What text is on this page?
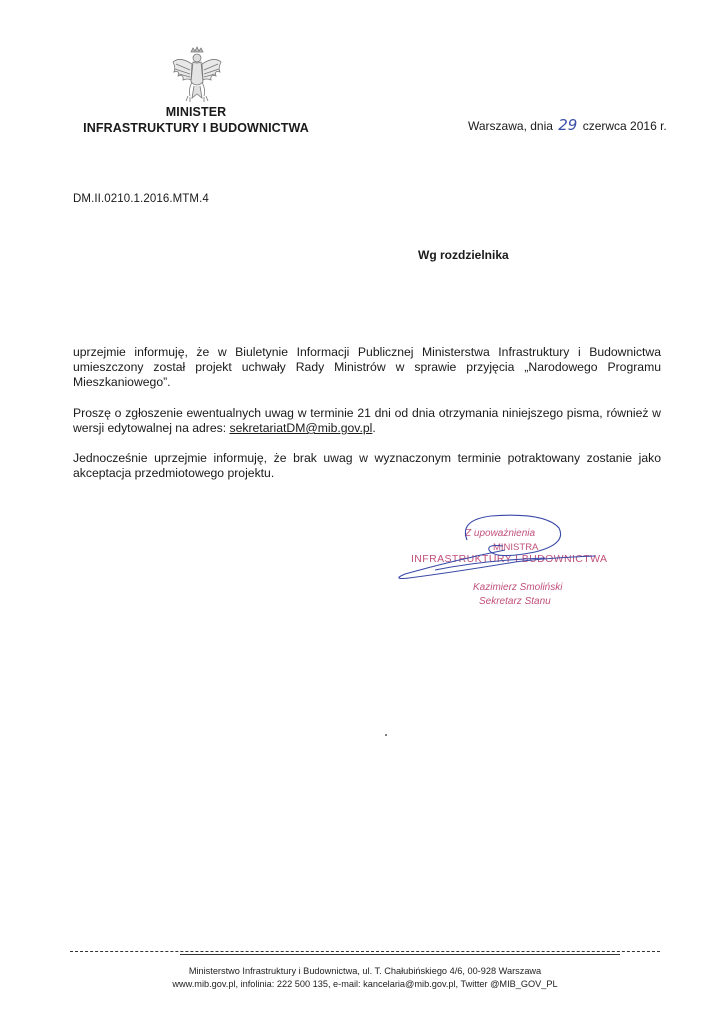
MINISTER
INFRASTRUKTURY I BUDOWNICTWA	Warszawa, dnia 29 czerwca 2016 r.
DM.II.0210.1.2016.MTM.4
Wg rozdzielnika

uprzejmie informuję, że w Biuletynie Informacji Publicznej Ministerstwa Infrastruktury i Budownictwa umieszczony został projekt uchwały Rady Ministrów w sprawie przyjęcia „Narodowego Programu Mieszkaniowego”.

Proszę o zgłoszenie ewentualnych uwag w terminie 21 dni od dnia otrzymania niniejszego pisma, również w wersji edytowalnej na adres: sekretariatDM@mib.gov.pl.

Jednocześnie uprzejmie informuję, że brak uwag w wyznaczonym terminie potraktowany zostanie jako akceptacja przedmiotowego projektu.

Z upoważnienia
MINISTRA
INFRASTRUKTURY I BUDOWNICTWA
Kazimierz Smoliński
Sekretarz Stanu
Ministerstwo Infrastruktury i Budownictwa, ul. T. Chałubińskiego 4/6, 00-928 Warszawa
www.mib.gov.pl, infolinia: 222 500 135, e-mail: kancelaria@mib.gov.pl, Twitter @MIB_GOV_PL
